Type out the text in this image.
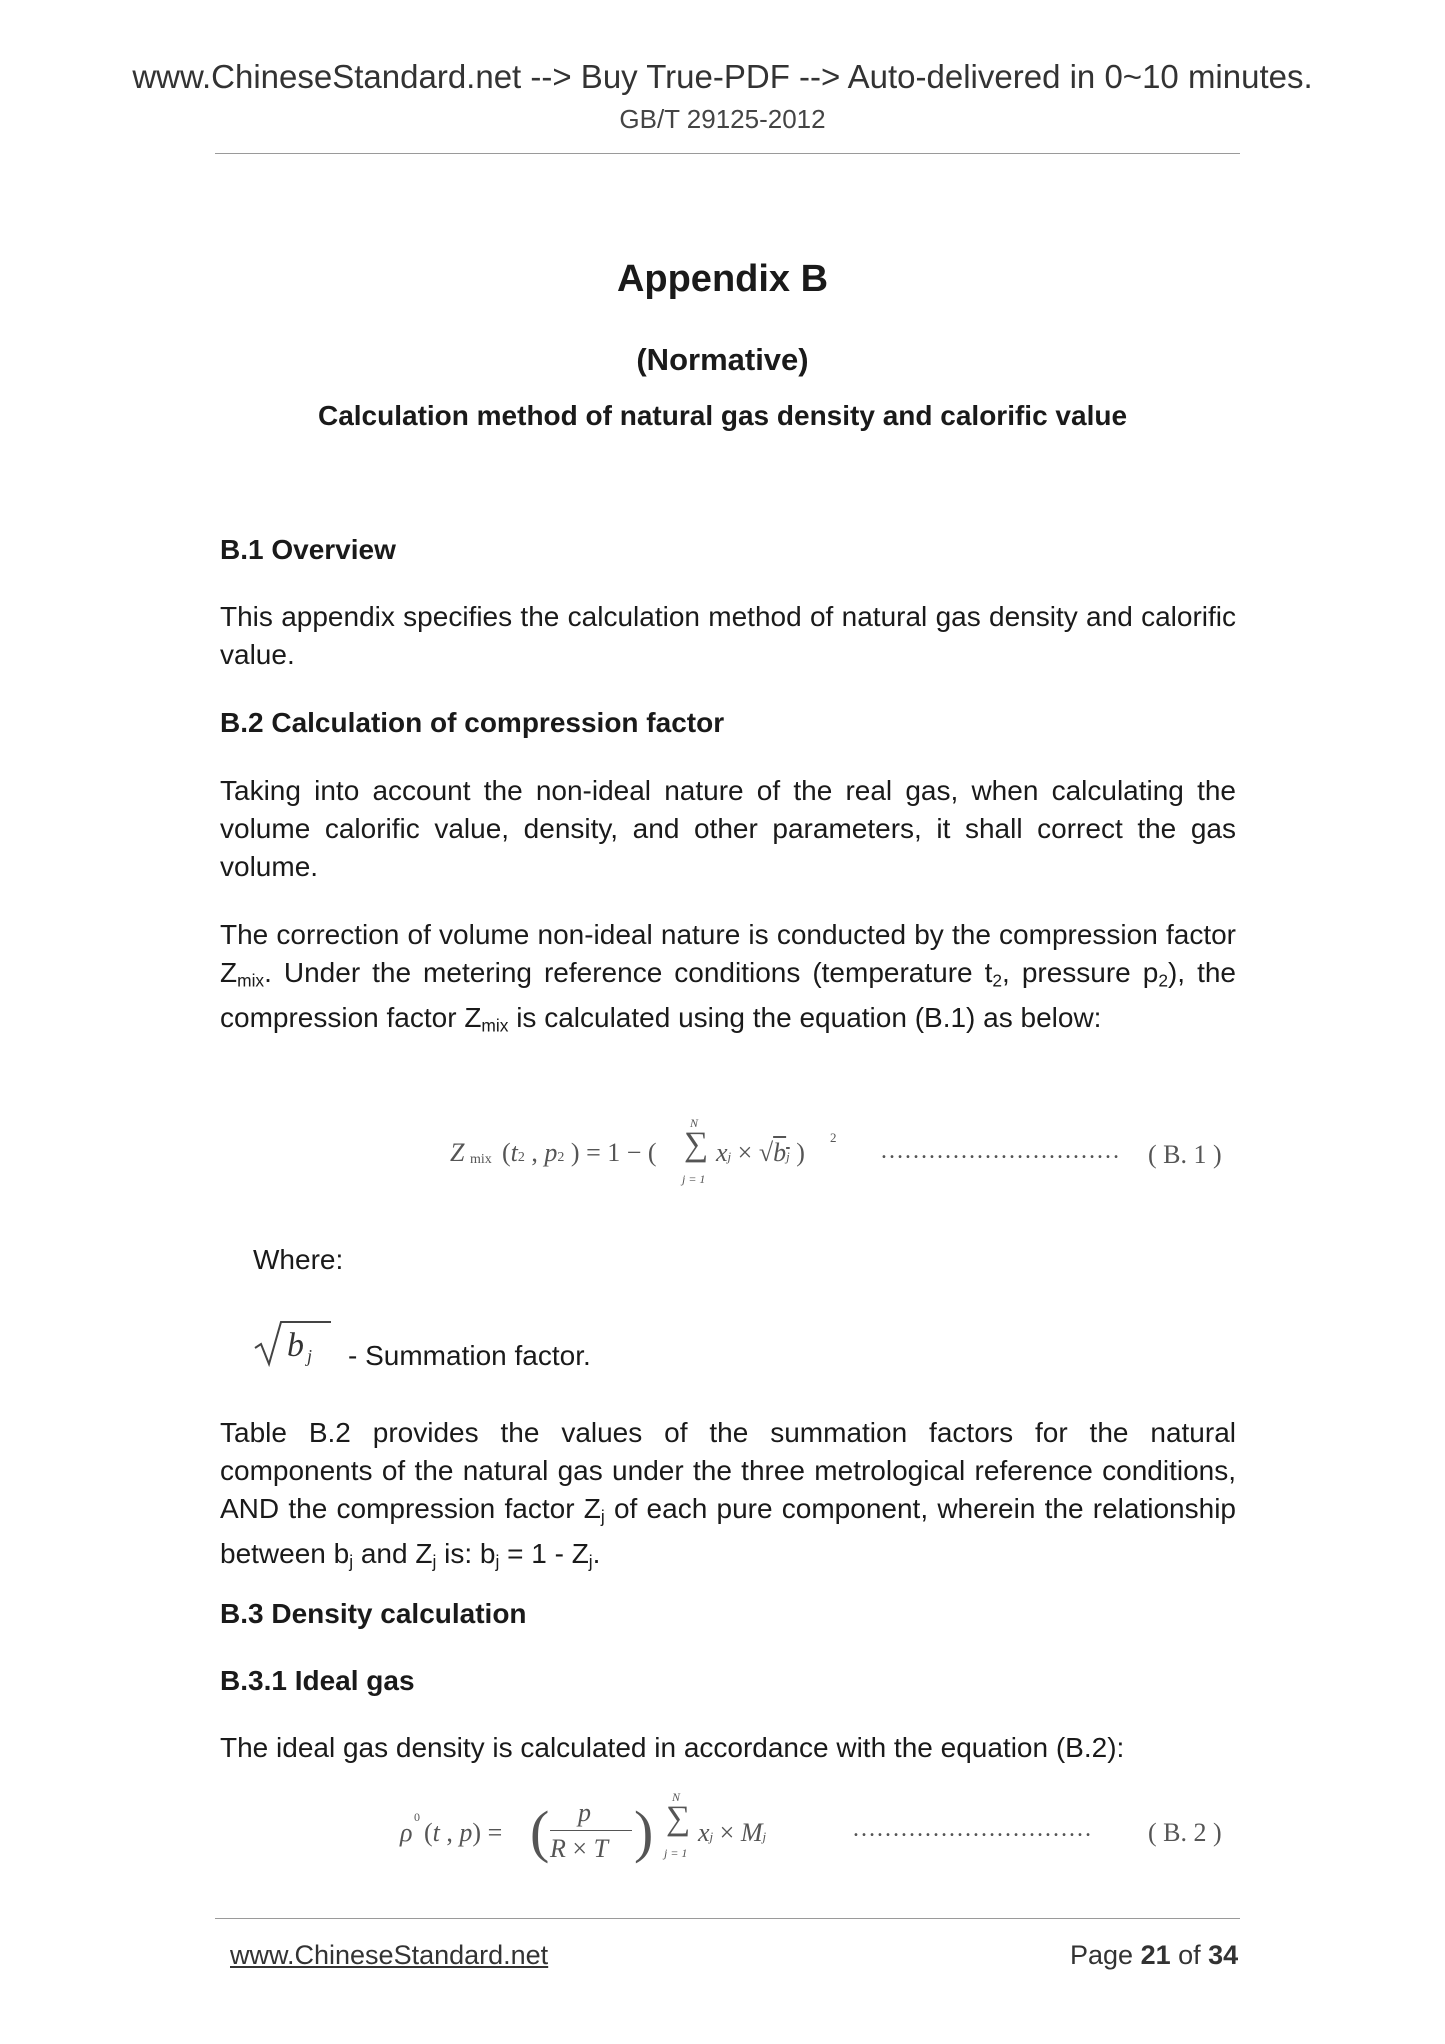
www.ChineseStandard.net --> Buy True-PDF --> Auto-delivered in 0~10 minutes.
GB/T 29125-2012
Appendix B
(Normative)
Calculation method of natural gas density and calorific value
B.1 Overview
This appendix specifies the calculation method of natural gas density and calorific value.
B.2 Calculation of compression factor
Taking into account the non-ideal nature of the real gas, when calculating the volume calorific value, density, and other parameters, it shall correct the gas volume.
The correction of volume non-ideal nature is conducted by the compression factor $Z_{mix}$. Under the metering reference conditions (temperature $t_2$, pressure $p_2$), the compression factor $Z_{mix}$ is calculated using the equation (B.1) as below:
Z mix (t2 , p2 ) = 1 − (
N
∑
j = 1
xj × √bj )
2
………………………… ( B. 1 )
Where:
b j - Summation factor.
Table B.2 provides the values of the summation factors for the natural components of the natural gas under the three metrological reference conditions, AND the compression factor $Z_j$ of each pure component, wherein the relationship between $b_j$ and $Z_j$ is: $b_j = 1 - Z_j$.
B.3 Density calculation
B.3.1 Ideal gas
The ideal gas density is calculated in accordance with the equation (B.2):
ρ
0
(t , p) = ( p
R × T )
N
∑
j = 1
xj × Mj	………………………… ( B. 2 )
www.ChineseStandard.net	Page 21 of 34
